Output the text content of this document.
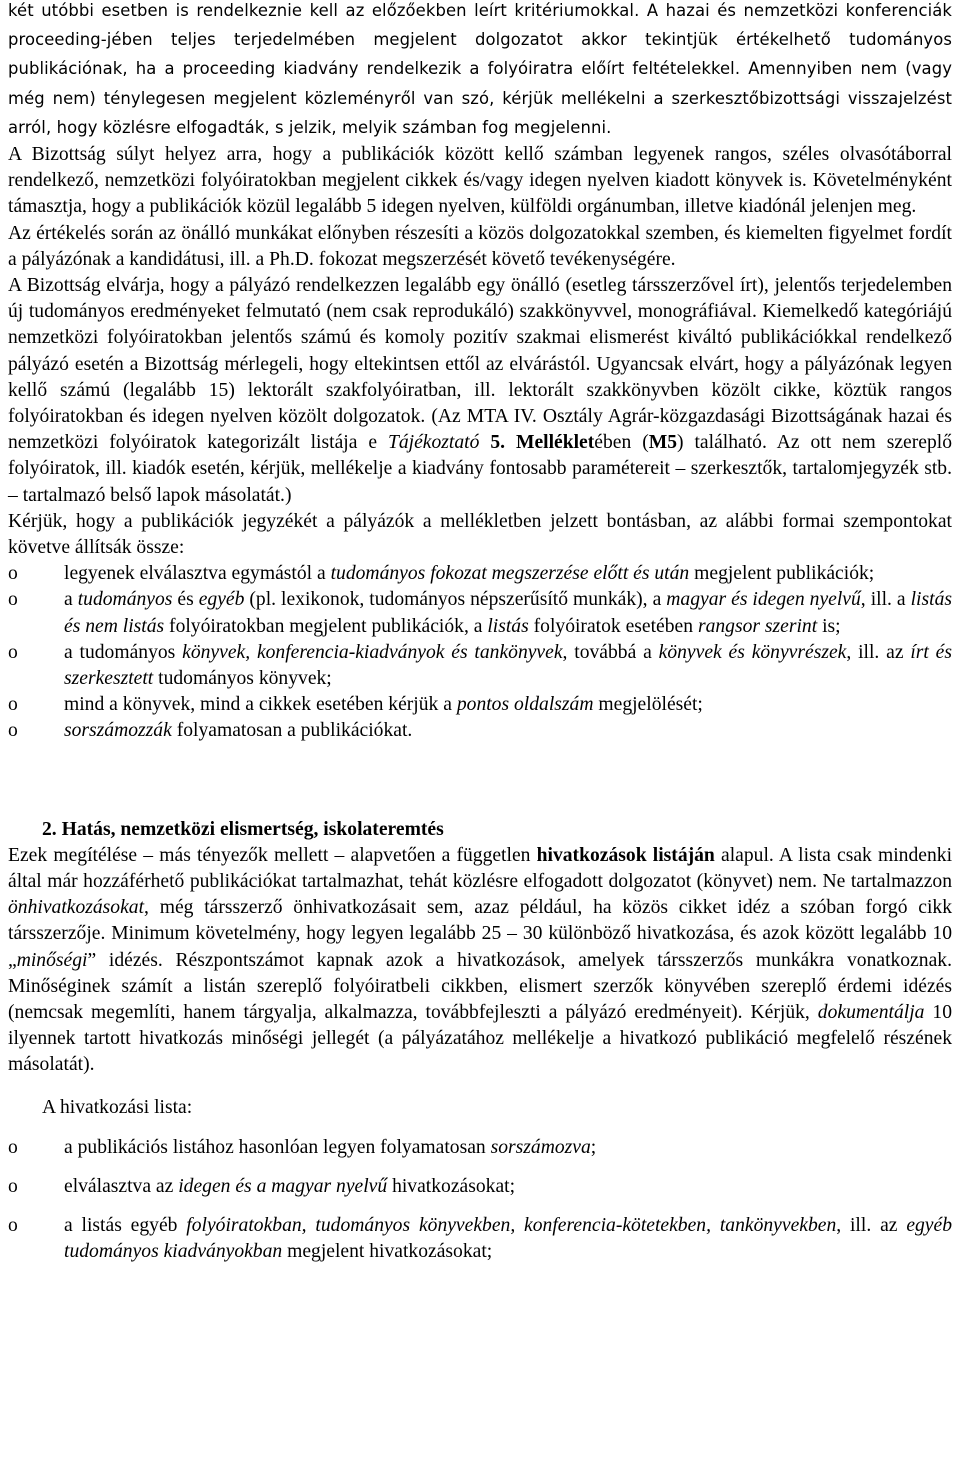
két utóbbi esetben is rendelkeznie kell az előzőekben leírt kritériumokkal. A hazai és nemzetközi konferenciák proceeding-jében teljes terjedelmében megjelent dolgozatot akkor tekintjük értékelhető tudományos publikációnak, ha a proceeding kiadvány rendelkezik a folyóiratra előírt feltételekkel. Amennyiben nem (vagy még nem) ténylegesen megjelent közleményről van szó, kérjük mellékelni a szerkesztőbizottsági visszajelzést arról, hogy közlésre elfogadták, s jelzik, melyik számban fog megjelenni.

A Bizottság súlyt helyez arra, hogy a publikációk között kellő számban legyenek rangos, széles olvasótáborral rendelkező, nemzetközi folyóiratokban megjelent cikkek és/vagy idegen nyelven kiadott könyvek is. Követelményként támasztja, hogy a publikációk közül legalább 5 idegen nyelven, külföldi orgánumban, illetve kiadónál jelenjen meg.

Az értékelés során az önálló munkákat előnyben részesíti a közös dolgozatokkal szemben, és kiemelten figyelmet fordít a pályázónak a kandidátusi, ill. a Ph.D. fokozat megszerzését követő tevékenységére.

A Bizottság elvárja, hogy a pályázó rendelkezzen legalább egy önálló (esetleg társszerzővel írt), jelentős terjedelemben új tudományos eredményeket felmutató (nem csak reprodukáló) szakkönyvvel, monográfiával. Kiemelkedő kategóriájú nemzetközi folyóiratokban jelentős számú és komoly pozitív szakmai elismerést kiváltó publikációkkal rendelkező pályázó esetén a Bizottság mérlegeli, hogy eltekintsen ettől az elvárástól. Ugyancsak elvárt, hogy a pályázónak legyen kellő számú (legalább 15) lektorált szakfolyóiratban, ill. lektorált szakkönyvben közölt cikke, köztük rangos folyóiratokban és idegen nyelven közölt dolgozatok. (Az MTA IV. Osztály Agrár-közgazdasági Bizottságának hazai és nemzetközi folyóiratok kategorizált listája e Tájékoztató 5. Mellékletében (M5) található. Az ott nem szereplő folyóiratok, ill. kiadók esetén, kérjük, mellékelje a kiadvány fontosabb paramétereit – szerkesztők, tartalomjegyzék stb. – tartalmazó belső lapok másolatát.)

Kérjük, hogy a publikációk jegyzékét a pályázók a mellékletben jelzett bontásban, az alábbi formai szempontokat követve állítsák össze:

o legyenek elválasztva egymástól a tudományos fokozat megszerzése előtt és után megjelent publikációk;
o a tudományos és egyéb (pl. lexikonok, tudományos népszerűsítő munkák), a magyar és idegen nyelvű, ill. a listás és nem listás folyóiratokban megjelent publikációk, a listás folyóiratok esetében rangsor szerint is;
o a tudományos könyvek, konferencia-kiadványok és tankönyvek, továbbá a könyvek és könyvrészek, ill. az írt és szerkesztett tudományos könyvek;
o mind a könyvek, mind a cikkek esetében kérjük a pontos oldalszám megjelölését;
o sorszámozzák folyamatosan a publikációkat.
2. Hatás, nemzetközi elismertség, iskolateremtés

Ezek megítélése – más tényezők mellett – alapvetően a független hivatkozások listáján alapul. A lista csak mindenki által már hozzáférhető publikációkat tartalmazhat, tehát közlésre elfogadott dolgozatot (könyvet) nem. Ne tartalmazzon önhivatkozásokat, még társszerző önhivatkozásait sem, azaz például, ha közös cikket idéz a szóban forgó cikk társszerzője. Minimum követelmény, hogy legyen legalább 25 – 30 különböző hivatkozása, és azok között legalább 10 „minőségi” idézés. Részpontszámot kapnak azok a hivatkozások, amelyek társszerzős munkákra vonatkoznak. Minőséginek számít a listán szereplő folyóiratbeli cikkben, elismert szerzők könyvében szereplő érdemi idézés (nemcsak megemlíti, hanem tárgyalja, alkalmazza, továbbfejleszti a pályázó eredményeit). Kérjük, dokumentálja 10 ilyennek tartott hivatkozás minőségi jellegét (a pályázatához mellékelje a hivatkozó publikáció megfelelő részének másolatát).

A hivatkozási lista:
o a publikációs listához hasonlóan legyen folyamatosan sorszámozva;
o elválasztva az idegen és a magyar nyelvű hivatkozásokat;
o a listás egyéb folyóiratokban, tudományos könyvekben, konferencia-kötetekben, tankönyvekben, ill. az egyéb tudományos kiadványokban megjelent hivatkozásokat;
